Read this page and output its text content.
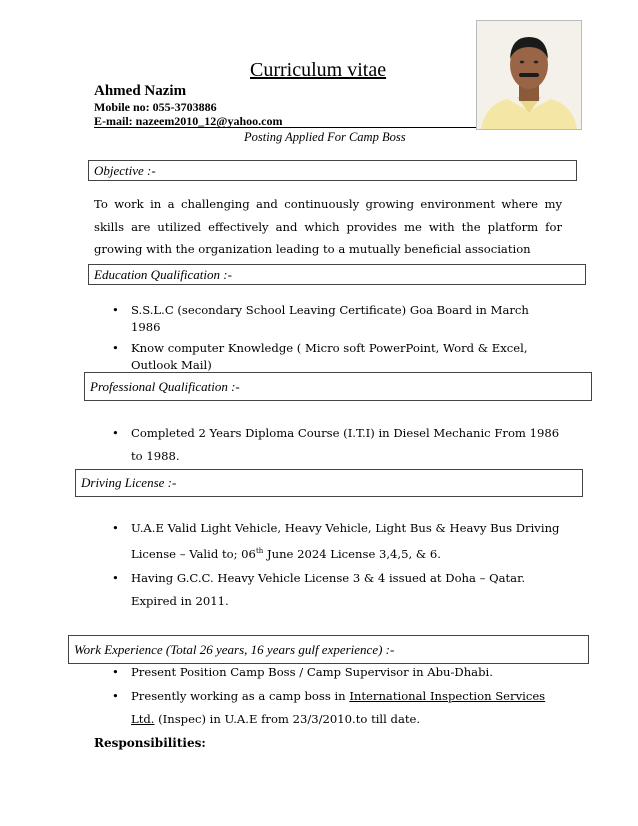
Curriculum vitae
Ahmed Nazim
Mobile no: 055-3703886
E-mail: nazeem2010_12@yahoo.com
Posting Applied For Camp Boss
Objective :-
To work in a challenging and continuously growing environment where my skills are utilized effectively and which provides me with the platform for growing with the organization leading to a mutually beneficial association
Education Qualification :-
• S.S.L.C (secondary School Leaving Certificate) Goa Board in March 1986
• Know computer Knowledge ( Micro soft PowerPoint, Word & Excel, Outlook Mail)
Professional Qualification :-
• Completed 2 Years Diploma Course (I.T.I) in Diesel Mechanic From 1986 to 1988.
Driving License :-
• U.A.E Valid Light Vehicle, Heavy Vehicle, Light Bus & Heavy Bus Driving License – Valid to; 06th June 2024 License 3,4,5, & 6.
• Having G.C.C. Heavy Vehicle License 3 & 4 issued at Doha – Qatar. Expired in 2011.
Work Experience (Total 26 years, 16 years gulf experience) :-
• Present Position Camp Boss / Camp Supervisor in Abu-Dhabi.
• Presently working as a camp boss in International Inspection Services Ltd. (Inspec) in U.A.E from 23/3/2010.to till date.
Responsibilities:
